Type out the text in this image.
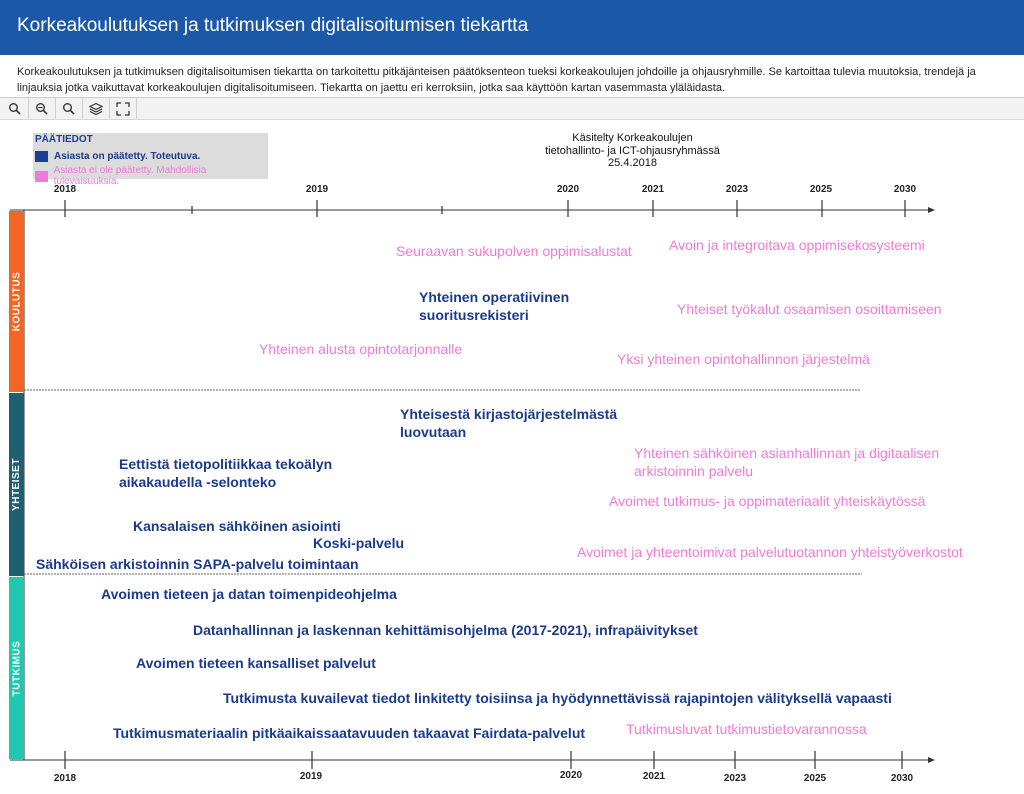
Korkeakoulutuksen ja tutkimuksen digitalisoitumisen tiekartta
Korkeakoulutuksen ja tutkimuksen digitalisoitumisen tiekartta on tarkoitettu pitkäjänteisen päätöksenteon tueksi korkeakoulujen johdoille ja ohjausryhmille. Se kartoittaa tulevia muutoksia, trendejä ja linjauksia jotka vaikuttavat korkeakoulujen digitalisoitumiseen. Tiekartta on jaettu eri kerroksiin, jotka saa käyttöön kartan vasemmasta yläläidasta.
PÄÄTIEDOT
Asiasta on päätetty. Toteutuva.
Asiasta ei ole päätetty. Mahdollisia tulevaisuuksia.
Käsitelty Korkeakoulujen
tietohallinto- ja ICT-ohjausryhmässä
25.4.2018
KOULUTUS
YHTEISET
TUTKIMUS
2018	2019	2020	2021	2023	2025	2030
2018	2019	2020	2021	2023	2025	2030
Seuraavan sukupolven oppimisalustat	Avoin ja integroitava oppimisekosysteemi
Yhteinen operatiivinen
suoritusrekisteri	Yhteiset työkalut osaamisen osoittamiseen
Yhteinen alusta opintotarjonnalle
Yksi yhteinen opintohallinnon järjestelmä
Yhteisestä kirjastojärjestelmästä
luovutaan
Yhteinen sähköinen asianhallinnan ja digitaalisen
arkistoinnin palvelu
Eettistä tietopolitiikkaa tekoälyn
aikakaudella -selonteko
Avoimet tutkimus- ja oppimateriaalit yhteiskäytössä
Kansalaisen sähköinen asiointi
Koski-palvelu
Avoimet ja yhteentoimivat palvelutuotannon yhteistyöverkostot
Sähköisen arkistoinnin SAPA-palvelu toimintaan
Avoimen tieteen ja datan toimenpideohjelma
Datanhallinnan ja laskennan kehittämisohjelma (2017-2021), infrapäivitykset
Avoimen tieteen kansalliset palvelut
Tutkimusta kuvailevat tiedot linkitetty toisiinsa ja hyödynnettävissä rajapintojen välityksellä vapaasti
Tutkimusmateriaalin pitkäaikaissaatavuuden takaavat Fairdata-palvelut	Tutkimusluvat tutkimustietovarannossa
